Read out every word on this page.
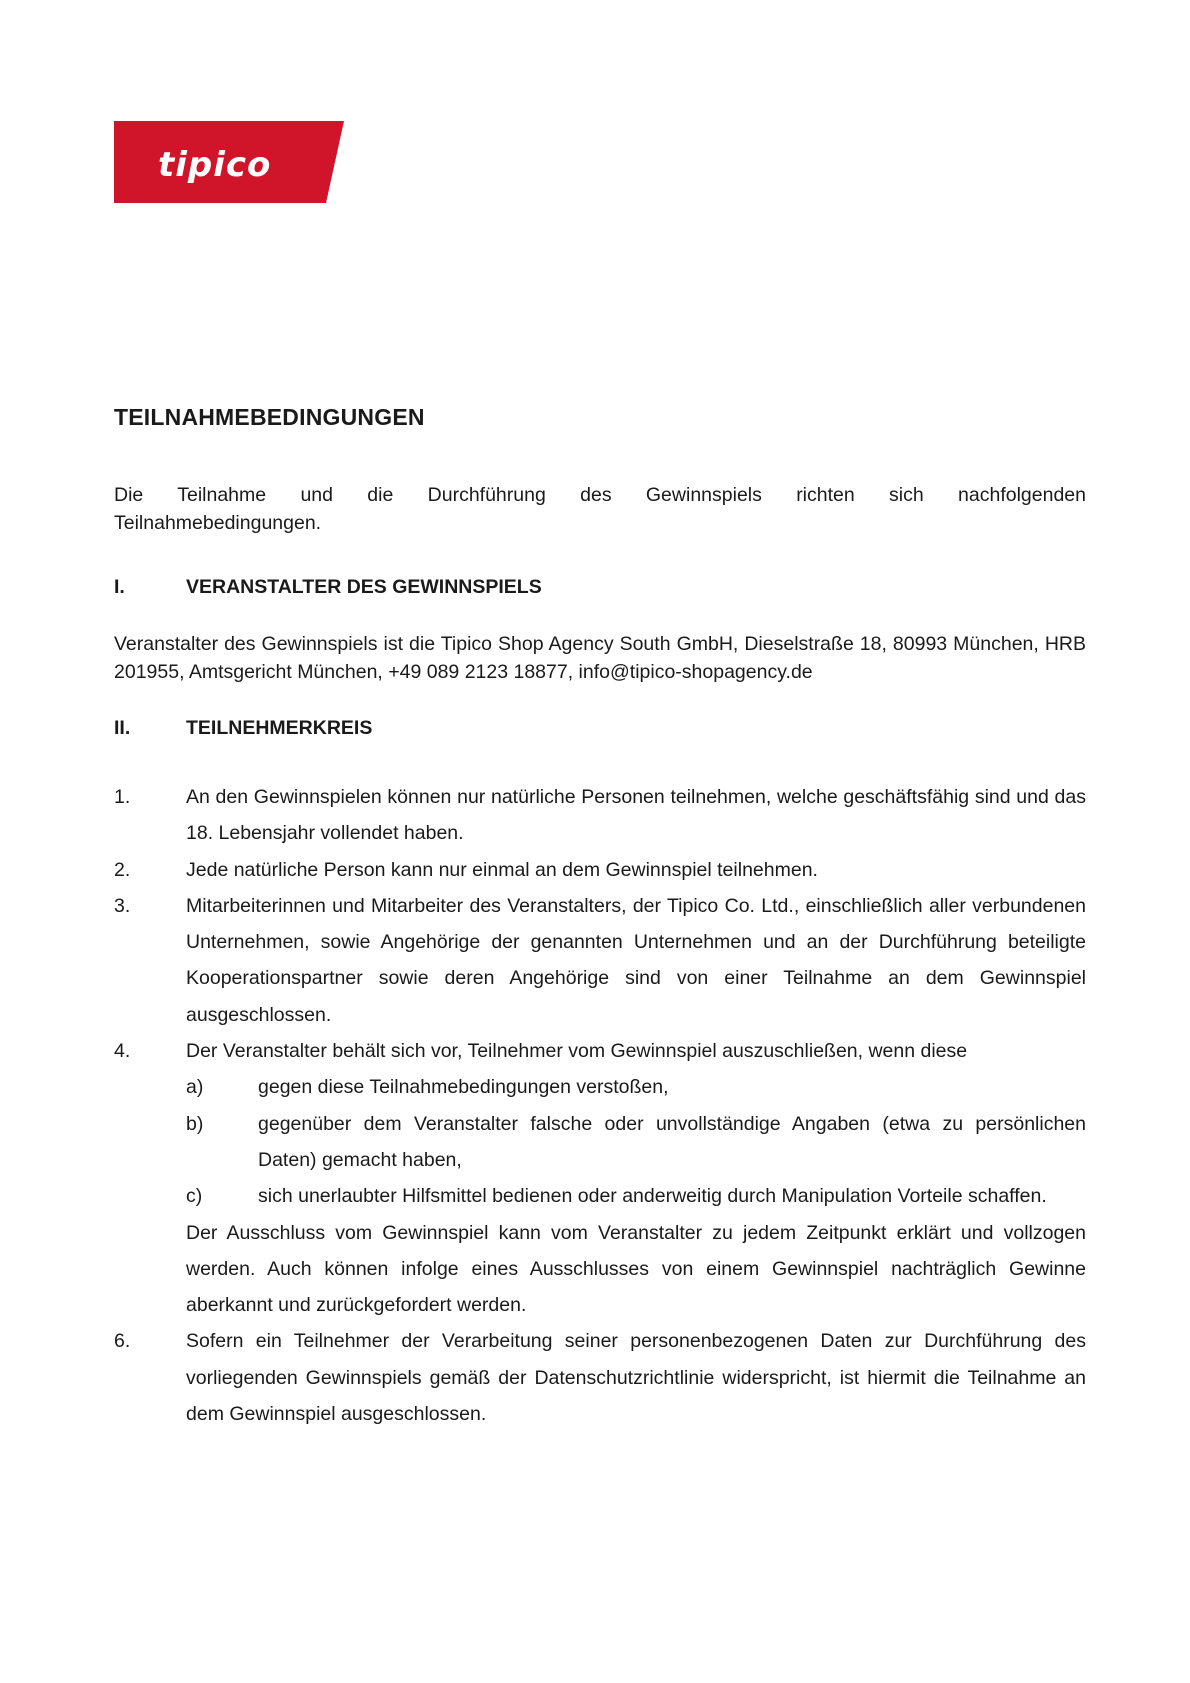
tipico
TEILNAHMEBEDINGUNGEN
Die Teilnahme und die Durchführung des Gewinnspiels richten sich nachfolgenden
Teilnahmebedingungen.
I.	VERANSTALTER DES GEWINNSPIELS
Veranstalter des Gewinnspiels ist die Tipico Shop Agency South GmbH, Dieselstraße 18, 80993 München, HRB 201955, Amtsgericht München, +49 089 2123 18877, info@tipico-shopagency.de
II.	TEILNEHMERKREIS
1.	An den Gewinnspielen können nur natürliche Personen teilnehmen, welche geschäftsfähig sind und das 18. Lebensjahr vollendet haben.
2.	Jede natürliche Person kann nur einmal an dem Gewinnspiel teilnehmen.
3.	Mitarbeiterinnen und Mitarbeiter des Veranstalters, der Tipico Co. Ltd., einschließlich aller verbundenen Unternehmen, sowie Angehörige der genannten Unternehmen und an der Durchführung beteiligte Kooperationspartner sowie deren Angehörige sind von einer Teilnahme an dem Gewinnspiel ausgeschlossen.
4.	Der Veranstalter behält sich vor, Teilnehmer vom Gewinnspiel auszuschließen, wenn diese
a)	gegen diese Teilnahmebedingungen verstoßen,
b)	gegenüber dem Veranstalter falsche oder unvollständige Angaben (etwa zu persönlichen Daten) gemacht haben,
c)	sich unerlaubter Hilfsmittel bedienen oder anderweitig durch Manipulation Vorteile schaffen.
Der Ausschluss vom Gewinnspiel kann vom Veranstalter zu jedem Zeitpunkt erklärt und vollzogen werden. Auch können infolge eines Ausschlusses von einem Gewinnspiel nachträglich Gewinne aberkannt und zurückgefordert werden.
6.	Sofern ein Teilnehmer der Verarbeitung seiner personenbezogenen Daten zur Durchführung des vorliegenden Gewinnspiels gemäß der Datenschutzrichtlinie widerspricht, ist hiermit die Teilnahme an dem Gewinnspiel ausgeschlossen.
